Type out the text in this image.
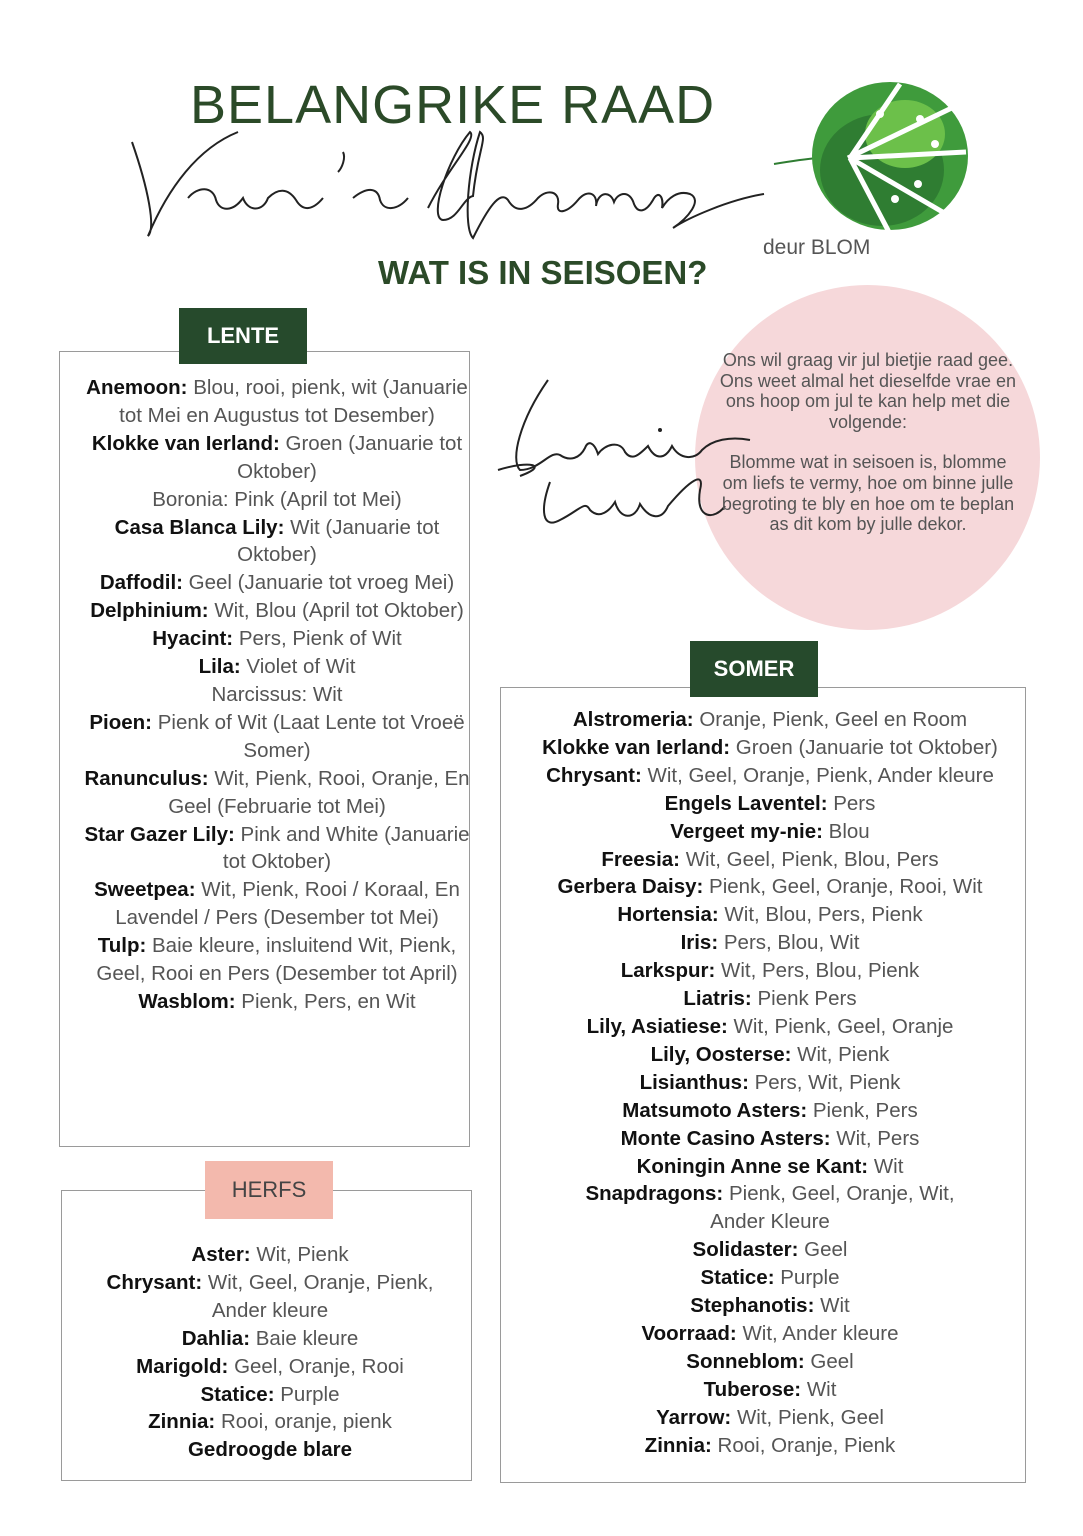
BELANGRIKE RAAD
deur BLOM
WAT IS IN SEISOEN?

Ons wil graag vir jul bietjie raad gee. Ons weet almal het dieselfde vrae en ons hoop om jul te kan help met die volgende:

Blomme wat in seisoen is, blomme om liefs te vermy, hoe om binne julle begroting te bly en hoe om te beplan as dit kom by julle dekor.

LENTE
Anemoon: Blou, rooi, pienk, wit (Januarie tot Mei en Augustus tot Desember)
Klokke van Ierland: Groen (Januarie tot Oktober)
Boronia: Pink (April tot Mei)
Casa Blanca Lily: Wit (Januarie tot Oktober)
Daffodil: Geel (Januarie tot vroeg Mei)
Delphinium: Wit, Blou (April tot Oktober)
Hyacint: Pers, Pienk of Wit
Lila: Violet of Wit
Narcissus: Wit
Pioen: Pienk of Wit (Laat Lente tot Vroeë Somer)
Ranunculus: Wit, Pienk, Rooi, Oranje, En Geel (Februarie tot Mei)
Star Gazer Lily: Pink and White (Januarie tot Oktober)
Sweetpea: Wit, Pienk, Rooi / Koraal, En Lavendel / Pers (Desember tot Mei)
Tulp: Baie kleure, insluitend Wit, Pienk, Geel, Rooi en Pers (Desember tot April)
Wasblom: Pienk, Pers, en Wit
HERFS
Aster: Wit, Pienk
Chrysant: Wit, Geel, Oranje, Pienk, Ander kleure
Dahlia: Baie kleure
Marigold: Geel, Oranje, Rooi
Statice: Purple
Zinnia: Rooi, oranje, pienk
Gedroogde blare
SOMER
Alstromeria: Oranje, Pienk, Geel en Room
Klokke van Ierland: Groen (Januarie tot Oktober)
Chrysant: Wit, Geel, Oranje, Pienk, Ander kleure
Engels Laventel: Pers
Vergeet my-nie: Blou
Freesia: Wit, Geel, Pienk, Blou, Pers
Gerbera Daisy: Pienk, Geel, Oranje, Rooi, Wit
Hortensia: Wit, Blou, Pers, Pienk
Iris: Pers, Blou, Wit
Larkspur: Wit, Pers, Blou, Pienk
Liatris: Pienk Pers
Lily, Asiatiese: Wit, Pienk, Geel, Oranje
Lily, Oosterse: Wit, Pienk
Lisianthus: Pers, Wit, Pienk
Matsumoto Asters: Pienk, Pers
Monte Casino Asters: Wit, Pers
Koningin Anne se Kant: Wit
Snapdragons: Pienk, Geel, Oranje, Wit, Ander Kleure
Solidaster: Geel
Statice: Purple
Stephanotis: Wit
Voorraad: Wit, Ander kleure
Sonneblom: Geel
Tuberose: Wit
Yarrow: Wit, Pienk, Geel
Zinnia: Rooi, Oranje, Pienk
